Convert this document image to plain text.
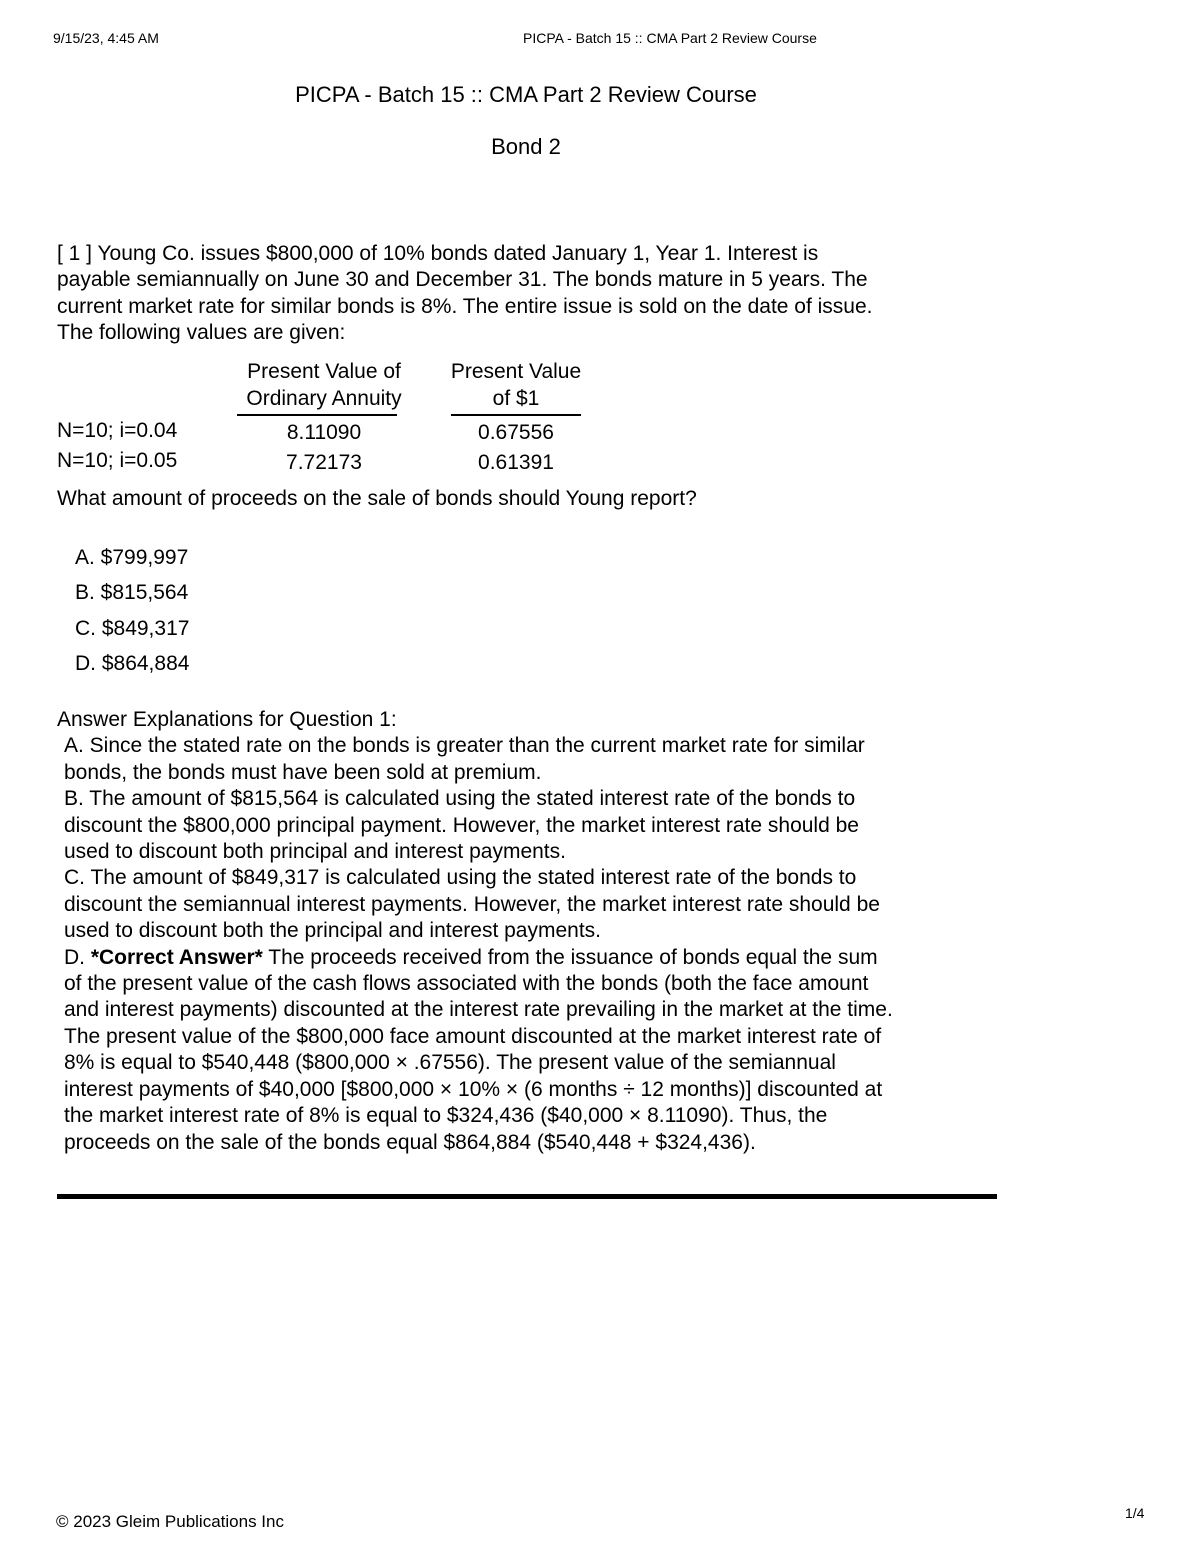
9/15/23, 4:45 AM	PICPA - Batch 15 :: CMA Part 2 Review Course
PICPA - Batch 15 :: CMA Part 2 Review Course
Bond 2
[ 1 ] Young Co. issues $800,000 of 10% bonds dated January 1, Year 1. Interest is
payable semiannually on June 30 and December 31. The bonds mature in 5 years. The
current market rate for similar bonds is 8%. The entire issue is sold on the date of issue.
The following values are given:
Present Value of
Ordinary Annuity
Present Value
of $1
N=10; i=0.04	8.11090	0.67556
N=10; i=0.05	7.72173	0.61391
What amount of proceeds on the sale of bonds should Young report?
A. $799,997
B. $815,564
C. $849,317
D. $864,884
Answer Explanations for Question 1:
A. Since the stated rate on the bonds is greater than the current market rate for similar
bonds, the bonds must have been sold at premium.
B. The amount of $815,564 is calculated using the stated interest rate of the bonds to
discount the $800,000 principal payment. However, the market interest rate should be
used to discount both principal and interest payments.
C. The amount of $849,317 is calculated using the stated interest rate of the bonds to
discount the semiannual interest payments. However, the market interest rate should be
used to discount both the principal and interest payments.
D. *Correct Answer* The proceeds received from the issuance of bonds equal the sum
of the present value of the cash flows associated with the bonds (both the face amount
and interest payments) discounted at the interest rate prevailing in the market at the time.
The present value of the $800,000 face amount discounted at the market interest rate of
8% is equal to $540,448 ($800,000 × .67556). The present value of the semiannual
interest payments of $40,000 [$800,000 × 10% × (6 months ÷ 12 months)] discounted at
the market interest rate of 8% is equal to $324,436 ($40,000 × 8.11090). Thus, the
proceeds on the sale of the bonds equal $864,884 ($540,448 + $324,436).
© 2023 Gleim Publications Inc	1/4
